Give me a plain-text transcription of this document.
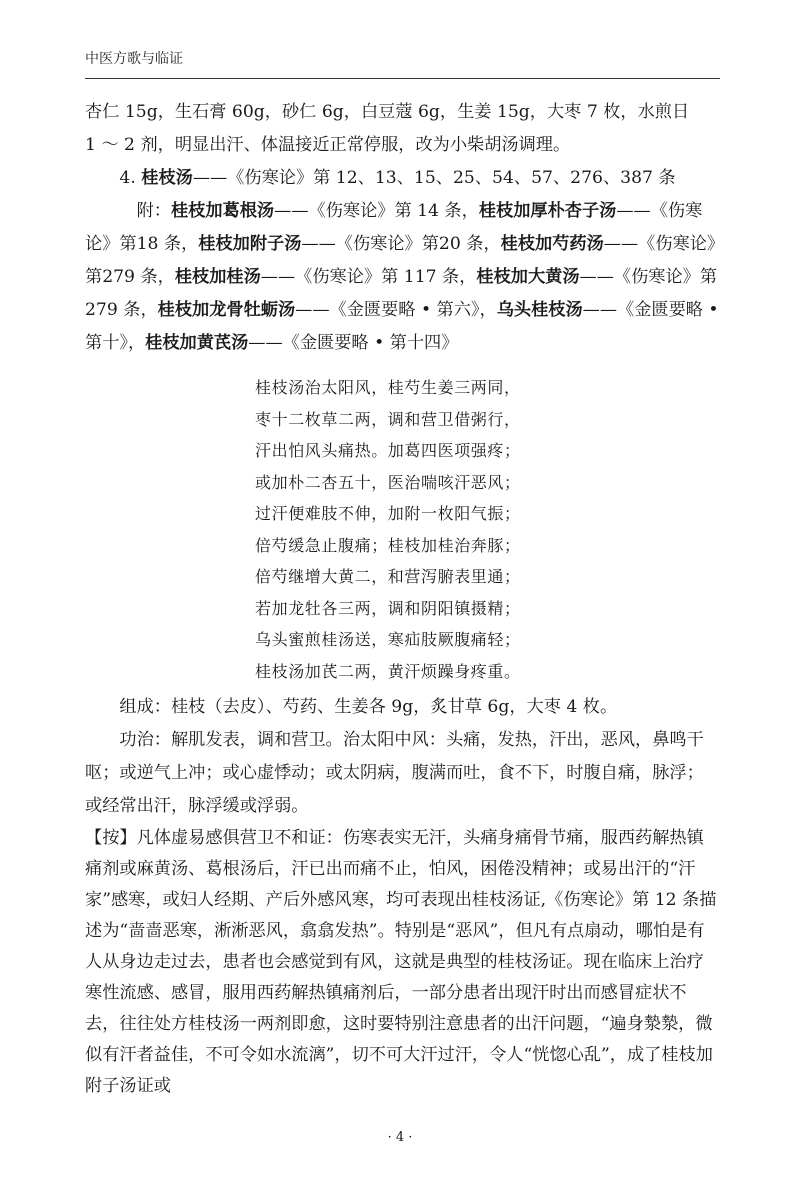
中医方歌与临证

杏仁 15g，生石膏 60g，砂仁 6g，白豆蔻 6g，生姜 15g，大枣 7 枚，水煎日

1 ～ 2 剂，明显出汗、体温接近正常停服，改为小柴胡汤调理。

4. 桂枝汤——《伤寒论》第 12、13、15、25、54、57、276、387 条

附：桂枝加葛根汤——《伤寒论》第 14 条，桂枝加厚朴杏子汤——《伤寒论》第18 条，桂枝加附子汤——《伤寒论》第20 条，桂枝加芍药汤——《伤寒论》第279 条，桂枝加桂汤——《伤寒论》第 117 条，桂枝加大黄汤——《伤寒论》第 279 条，桂枝加龙骨牡蛎汤——《金匮要略 • 第六》，乌头桂枝汤——《金匮要略 • 第十》，桂枝加黄芪汤——《金匮要略 • 第十四》

桂枝汤治太阳风，桂芍生姜三两同，
枣十二枚草二两，调和营卫借粥行，
汗出怕风头痛热。加葛四医项强疼；
或加朴二杏五十，医治喘咳汗恶风；
过汗便难肢不伸，加附一枚阳气振；
倍芍缓急止腹痛；桂枝加桂治奔豚；
倍芍继增大黄二，和营泻腑表里通；
若加龙牡各三两，调和阴阳镇摄精；
乌头蜜煎桂汤送，寒疝肢厥腹痛轻；
桂枝汤加芪二两，黄汗烦躁身疼重。

组成：桂枝（去皮）、芍药、生姜各 9g，炙甘草 6g，大枣 4 枚。

功治：解肌发表，调和营卫。治太阳中风：头痛，发热，汗出，恶风，鼻鸣干呕；或逆气上冲；或心虚悸动；或太阴病，腹满而吐，食不下，时腹自痛，脉浮；或经常出汗，脉浮缓或浮弱。

【按】凡体虚易感俱营卫不和证：伤寒表实无汗，头痛身痛骨节痛，服西药解热镇痛剂或麻黄汤、葛根汤后，汗已出而痛不止，怕风，困倦没精神；或易出汗的“汗家”感寒，或妇人经期、产后外感风寒，均可表现出桂枝汤证,《伤寒论》第 12 条描述为“啬啬恶寒，淅淅恶风，翕翕发热”。特别是“恶风”，但凡有点扇动，哪怕是有人从身边走过去，患者也会感觉到有风，这就是典型的桂枝汤证。现在临床上治疗寒性流感、感冒，服用西药解热镇痛剂后，一部分患者出现汗时出而感冒症状不去，往往处方桂枝汤一两剂即愈，这时要特别注意患者的出汗问题，“遍身漐漐，微似有汗者益佳，不可令如水流漓”，切不可大汗过汗，令人“恍惚心乱”，成了桂枝加附子汤证或

· 4 ·
